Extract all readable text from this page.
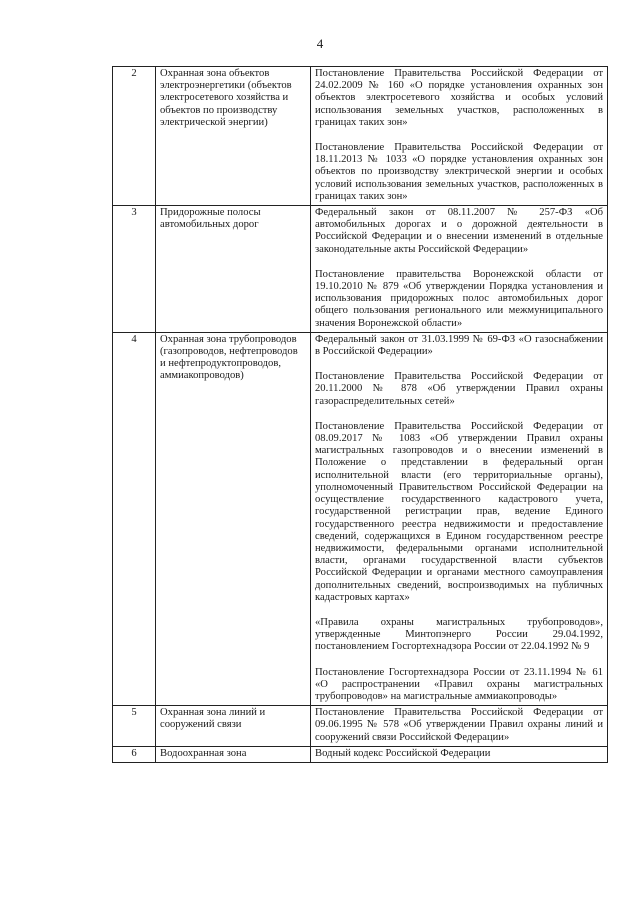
4
2	Охранная зона объектов электроэнергетики (объектов электросетевого хозяйства и объектов по производству электрической энергии)	Постановление Правительства Российской Федерации от 24.02.2009 № 160 «О порядке установления охранных зон объектов электросетевого хозяйства и особых условий использования земельных участков, расположенных в границах таких зон»

Постановление Правительства Российской Федерации от 18.11.2013 № 1033 «О порядке установления охранных зон объектов по производству электрической энергии и особых условий использования земельных участков, расположенных в границах таких зон»

3	Придорожные полосы автомобильных дорог	Федеральный закон от 08.11.2007 № 257-ФЗ «Об автомобильных дорогах и о дорожной деятельности в Российской Федерации и о внесении изменений в отдельные законодательные акты Российской Федерации»

Постановление правительства Воронежской области от 19.10.2010 № 879 «Об утверждении Порядка установления и использования придорожных полос автомобильных дорог общего пользования регионального или межмуниципального значения Воронежской области»

4	Охранная зона трубопроводов (газопроводов, нефтепроводов и нефтепродуктопроводов, аммиакопроводов)	Федеральный закон от 31.03.1999 № 69-ФЗ «О газоснабжении в Российской Федерации»

Постановление Правительства Российской Федерации от 20.11.2000 № 878 «Об утверждении Правил охраны газораспределительных сетей»

Постановление Правительства Российской Федерации от 08.09.2017 № 1083 «Об утверждении Правил охраны магистральных газопроводов и о внесении изменений в Положение о представлении в федеральный орган исполнительной власти (его территориальные органы), уполномоченный Правительством Российской Федерации на осуществление государственного кадастрового учета, государственной регистрации прав, ведение Единого государственного реестра недвижимости и предоставление сведений, содержащихся в Едином государственном реестре недвижимости, федеральными органами исполнительной власти, органами государственной власти субъектов Российской Федерации и органами местного самоуправления дополнительных сведений, воспроизводимых на публичных кадастровых картах»

«Правила охраны магистральных трубопроводов», утвержденные Минтопэнерго России 29.04.1992, постановлением Госгортехнадзора России от 22.04.1992 № 9

Постановление Госгортехнадзора России от 23.11.1994 № 61 «О распространении «Правил охраны магистральных трубопроводов» на магистральные аммиакопроводы»

5	Охранная зона линий и сооружений связи	Постановление Правительства Российской Федерации от 09.06.1995 № 578 «Об утверждении Правил охраны линий и сооружений связи Российской Федерации»

6	Водоохранная зона	Водный кодекс Российской Федерации
